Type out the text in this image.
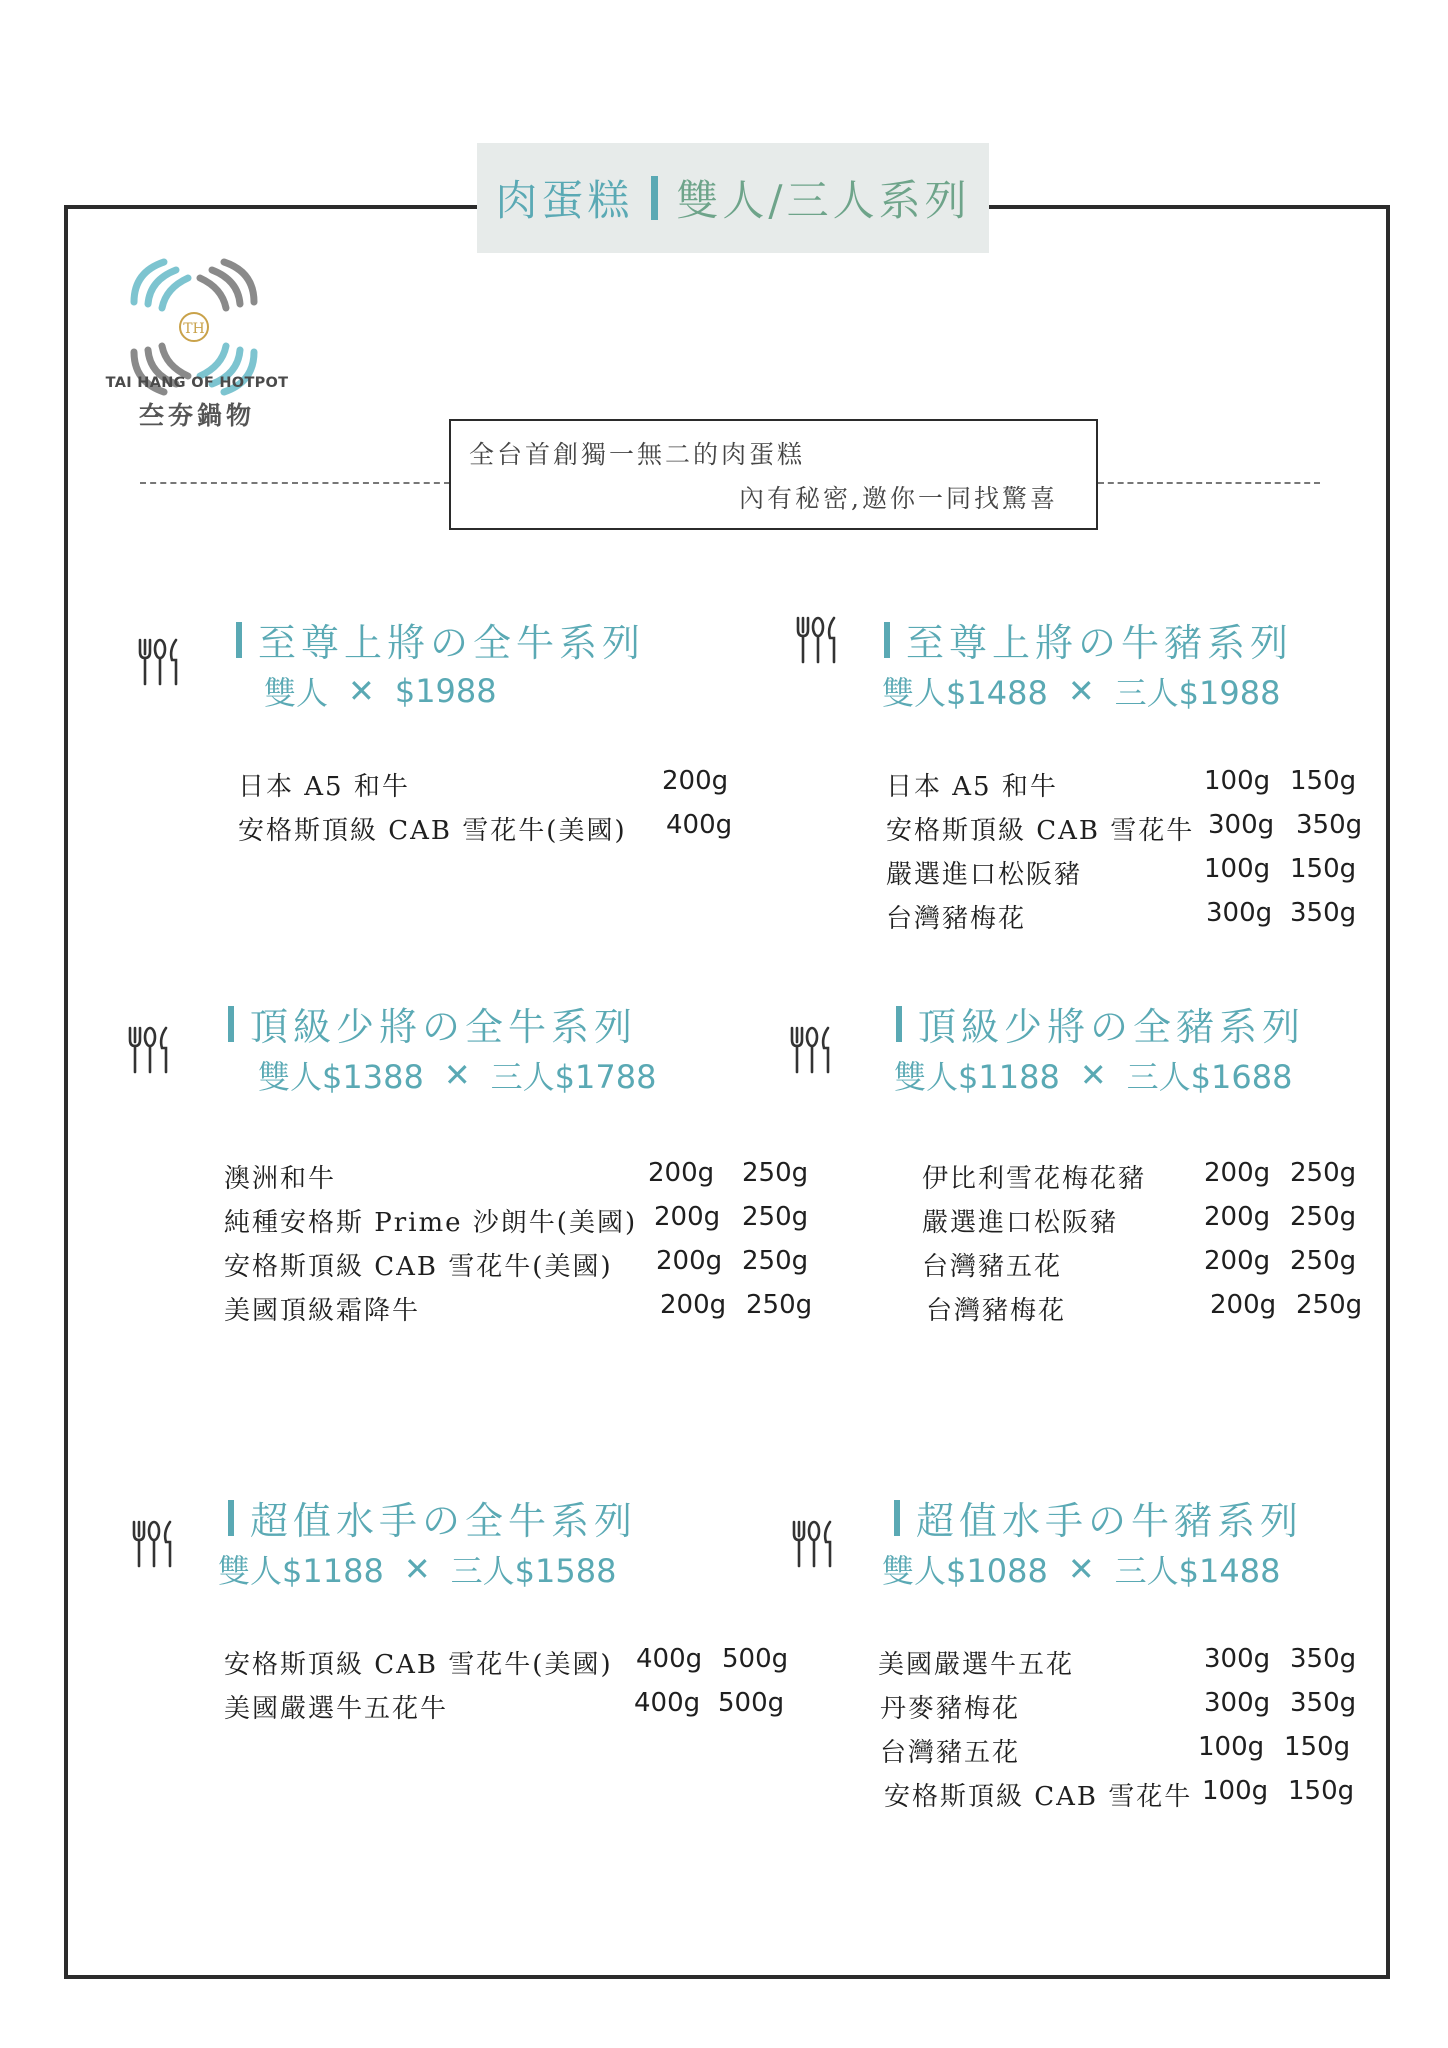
肉蛋糕 雙人/三人系列
TH
TAI HANG OF HOTPOT
夳夯鍋物
全台首創獨一無二的肉蛋糕
內有秘密,邀你一同找驚喜
至尊上將の全牛系列
雙人 ✕ $1988
日本 A5 和牛	200g
安格斯頂級 CAB 雪花牛(美國) 400g
至尊上將の牛豬系列
雙人$1488 ✕ 三人$1988
日本 A5 和牛	100g 150g
安格斯頂級 CAB 雪花牛 300g 350g
嚴選進口松阪豬	100g 150g
台灣豬梅花	300g 350g
頂級少將の全牛系列
雙人$1388 ✕ 三人$1788
澳洲和牛	200g 250g
純種安格斯 Prime 沙朗牛(美國) 200g 250g
安格斯頂級 CAB 雪花牛(美國) 200g 250g
美國頂級霜降牛	200g 250g
頂級少將の全豬系列
雙人$1188 ✕ 三人$1688
伊比利雪花梅花豬 200g 250g
嚴選進口松阪豬	200g 250g
台灣豬五花	200g 250g
台灣豬梅花	200g 250g
超值水手の全牛系列
雙人$1188 ✕ 三人$1588
安格斯頂級 CAB 雪花牛(美國) 400g 500g
美國嚴選牛五花牛	400g 500g
超值水手の牛豬系列
雙人$1088 ✕ 三人$1488
美國嚴選牛五花	300g 350g
丹麥豬梅花	300g 350g
台灣豬五花	100g 150g
安格斯頂級 CAB 雪花牛 100g 150g
